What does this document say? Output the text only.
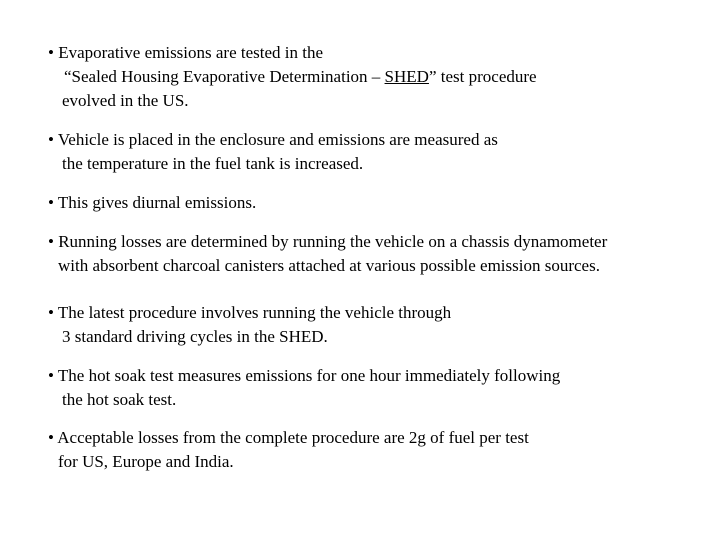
• Evaporative emissions are tested in the
“Sealed Housing Evaporative Determination – SHED” test procedure
evolved in the US.
• Vehicle is placed in the enclosure and emissions are measured as
the temperature in the fuel tank is increased.
• This gives diurnal emissions.
• Running losses are determined by running the vehicle on a chassis dynamometer
with absorbent charcoal canisters attached at various possible emission sources.
• The latest procedure involves running the vehicle through
3 standard driving cycles in the SHED.
• The hot soak test measures emissions for one hour immediately following
the hot soak test.
• Acceptable losses from the complete procedure are 2g of fuel per test
for US, Europe and India.
